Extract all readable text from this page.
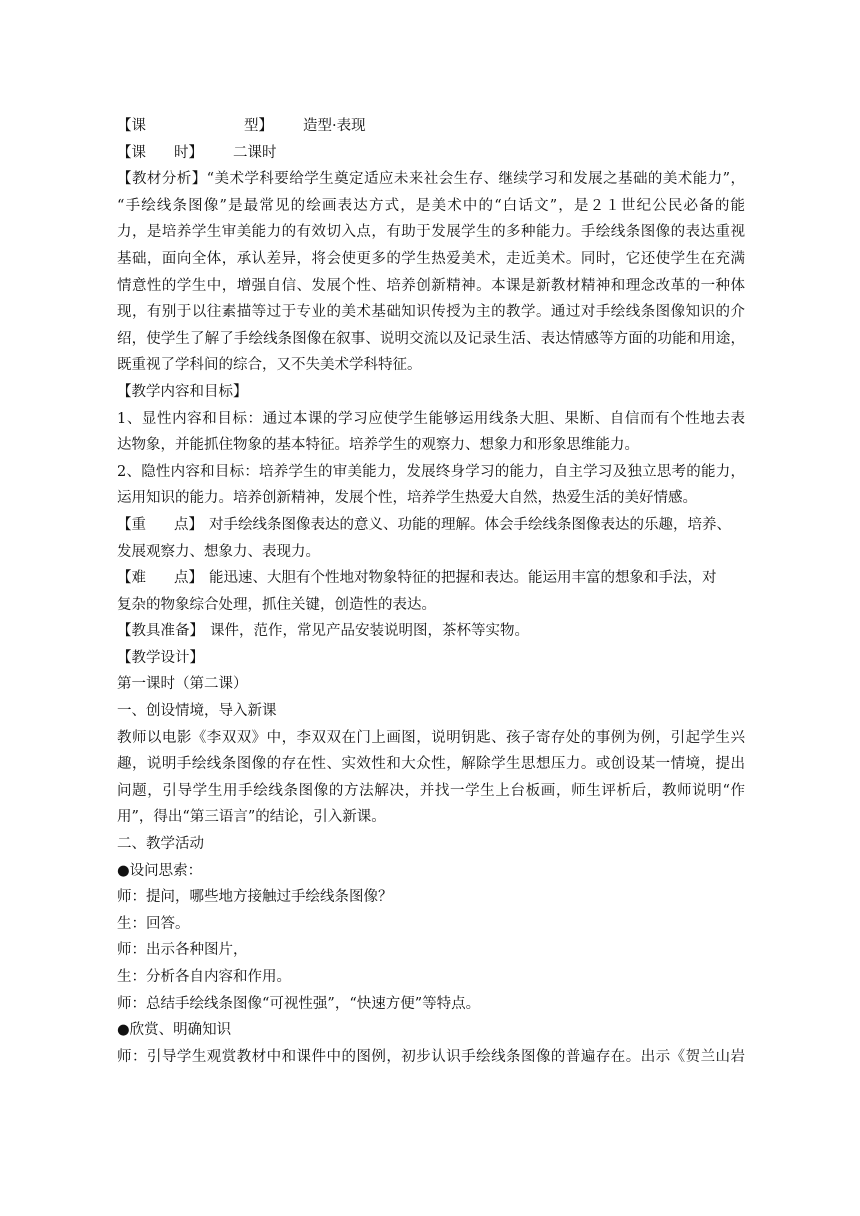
【课	型】 造型·表现
【课 时】 二课时
【教材分析】“美术学科要给学生奠定适应未来社会生存、继续学习和发展之基础的美术能力”，
“手绘线条图像”是最常见的绘画表达方式，是美术中的“白话文”，是２１世纪公民必备的能
力，是培养学生审美能力的有效切入点，有助于发展学生的多种能力。手绘线条图像的表达重视
基础，面向全体，承认差异，将会使更多的学生热爱美术，走近美术。同时，它还使学生在充满
情意性的学生中，增强自信、发展个性、培养创新精神。本课是新教材精神和理念改革的一种体
现，有别于以往素描等过于专业的美术基础知识传授为主的教学。通过对手绘线条图像知识的介
绍，使学生了解了手绘线条图像在叙事、说明交流以及记录生活、表达情感等方面的功能和用途，
既重视了学科间的综合，又不失美术学科特征。
【教学内容和目标】
1、显性内容和目标：通过本课的学习应使学生能够运用线条大胆、果断、自信而有个性地去表
达物象，并能抓住物象的基本特征。培养学生的观察力、想象力和形象思维能力。
2、隐性内容和目标：培养学生的审美能力，发展终身学习的能力，自主学习及独立思考的能力，
运用知识的能力。培养创新精神，发展个性，培养学生热爱大自然，热爱生活的美好情感。
【重 点】 对手绘线条图像表达的意义、功能的理解。体会手绘线条图像表达的乐趣，培养、
发展观察力、想象力、表现力。
【难 点】 能迅速、大胆有个性地对物象特征的把握和表达。能运用丰富的想象和手法，对
复杂的物象综合处理，抓住关键，创造性的表达。
【教具准备】 课件，范作，常见产品安装说明图，茶杯等实物。
【教学设计】
第一课时（第二课）
一、创设情境，导入新课
教师以电影《李双双》中，李双双在门上画图，说明钥匙、孩子寄存处的事例为例，引起学生兴
趣，说明手绘线条图像的存在性、实效性和大众性，解除学生思想压力。或创设某一情境，提出
问题，引导学生用手绘线条图像的方法解决，并找一学生上台板画，师生评析后，教师说明“作
用”，得出“第三语言”的结论，引入新课。
二、教学活动
●设问思索：
师：提问，哪些地方接触过手绘线条图像？
生：回答。
师：出示各种图片，
生：分析各自内容和作用。
师：总结手绘线条图像“可视性强”，“快速方便”等特点。
●欣赏、明确知识
师：引导学生观赏教材中和课件中的图例，初步认识手绘线条图像的普遍存在。出示《贺兰山岩
